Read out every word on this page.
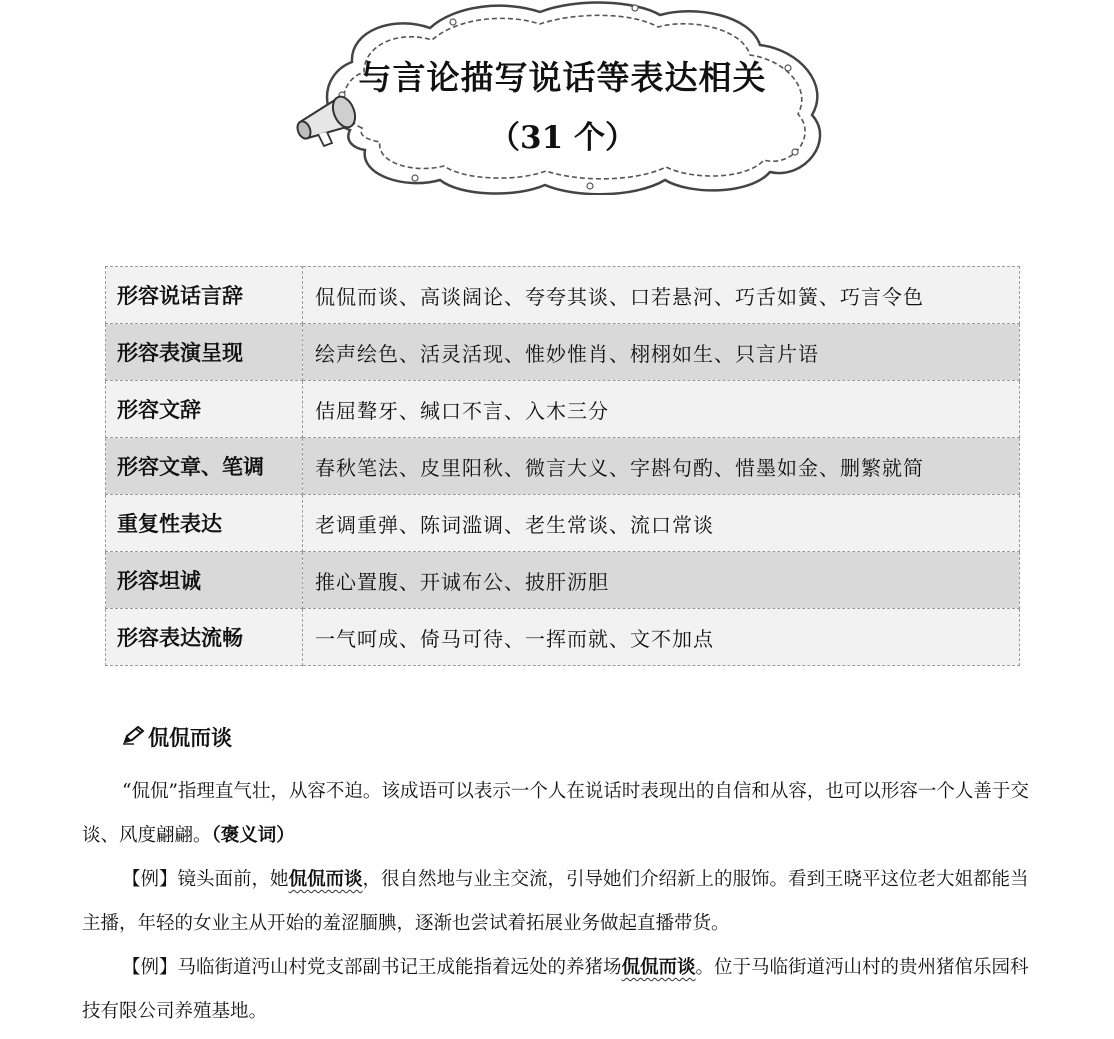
与言论描写说话等表达相关
（31 个）
形容说话言辞	侃侃而谈、高谈阔论、夸夸其谈、口若悬河、巧舌如簧、巧言令色
形容表演呈现	绘声绘色、活灵活现、惟妙惟肖、栩栩如生、只言片语
形容文辞	佶屈聱牙、缄口不言、入木三分
形容文章、笔调	春秋笔法、皮里阳秋、微言大义、字斟句酌、惜墨如金、删繁就简
重复性表达	老调重弹、陈词滥调、老生常谈、流口常谈
形容坦诚	推心置腹、开诚布公、披肝沥胆
形容表达流畅	一气呵成、倚马可待、一挥而就、文不加点
侃侃而谈

“侃侃”指理直气壮，从容不迫。该成语可以表示一个人在说话时表现出的自信和从容，也可以形容一个人善于交谈、风度翩翩。（褒义词）

【例】镜头面前，她侃侃而谈，很自然地与业主交流，引导她们介绍新上的服饰。看到王晓平这位老大姐都能当主播，年轻的女业主从开始的羞涩腼腆，逐渐也尝试着拓展业务做起直播带货。

【例】马临街道沔山村党支部副书记王成能指着远处的养猪场侃侃而谈。位于马临街道沔山村的贵州猪倌乐园科技有限公司养殖基地。
